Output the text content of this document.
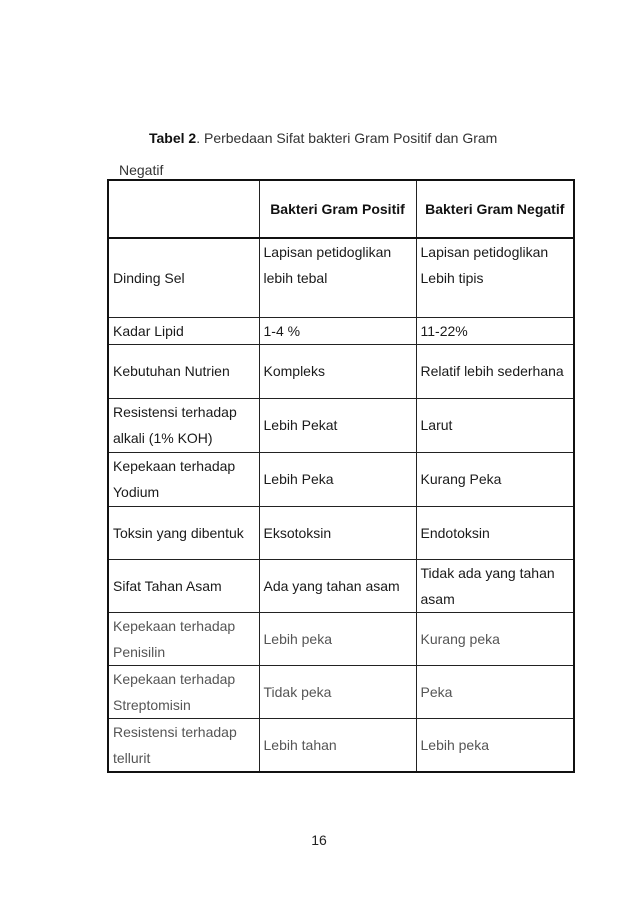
Tabel 2. Perbedaan Sifat bakteri Gram Positif dan Gram
Negatif
	Bakteri Gram Positif	Bakteri Gram Negatif
Dinding Sel	Lapisan petidoglikan lebih tebal	Lapisan petidoglikan Lebih tipis
Kadar Lipid	1-4 %	11-22%
Kebutuhan Nutrien	Kompleks	Relatif lebih sederhana
Resistensi terhadap alkali (1% KOH)	Lebih Pekat	Larut
Kepekaan terhadap Yodium	Lebih Peka	Kurang Peka
Toksin yang dibentuk	Eksotoksin	Endotoksin
Sifat Tahan Asam	Ada yang tahan asam	Tidak ada yang tahan asam
Kepekaan terhadap Penisilin	Lebih peka	Kurang peka
Kepekaan terhadap Streptomisin	Tidak peka	Peka
Resistensi terhadap tellurit	Lebih tahan	Lebih peka
16
